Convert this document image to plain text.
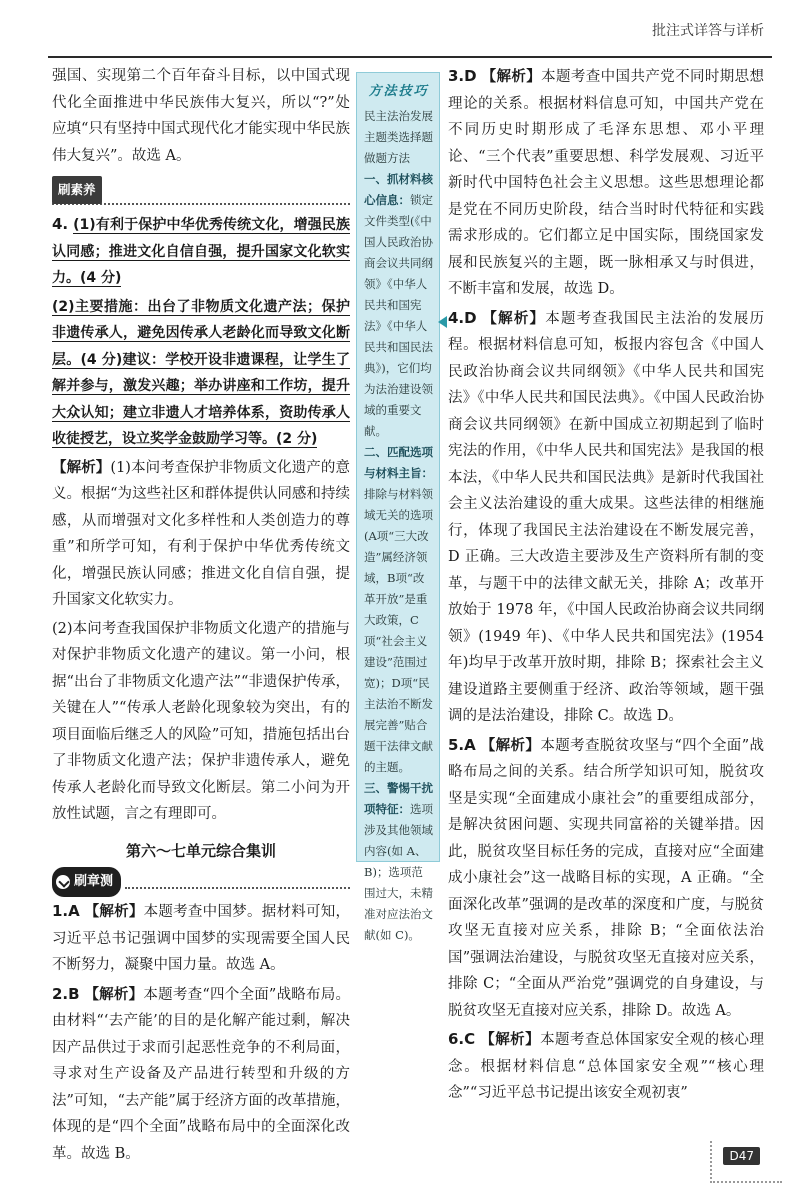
批注式详答与详析

强国、实现第二个百年奋斗目标，以中国式现代化全面推进中华民族伟大复兴，所以“?”处应填“只有坚持中国式现代化才能实现中华民族伟大复兴”。故选 A。

刷素养

4. (1)有利于保护中华优秀传统文化，增强民族认同感；推进文化自信自强，提升国家文化软实力。(4 分)

(2)主要措施：出台了非物质文化遗产法；保护非遗传承人，避免因传承人老龄化而导致文化断层。(4 分)建议：学校开设非遗课程，让学生了解并参与，激发兴趣；举办讲座和工作坊，提升大众认知；建立非遗人才培养体系，资助传承人收徒授艺，设立奖学金鼓励学习等。(2 分)

【解析】(1)本问考查保护非物质文化遗产的意义。根据“为这些社区和群体提供认同感和持续感，从而增强对文化多样性和人类创造力的尊重”和所学可知，有利于保护中华优秀传统文化，增强民族认同感；推进文化自信自强，提升国家文化软实力。

(2)本问考查我国保护非物质文化遗产的措施与对保护非物质文化遗产的建议。第一小问，根据“出台了非物质文化遗产法”“非遗保护传承，关键在人”“传承人老龄化现象较为突出，有的项目面临后继乏人的风险”可知，措施包括出台了非物质文化遗产法；保护非遗传承人，避免传承人老龄化而导致文化断层。第二小问为开放性试题，言之有理即可。

第六～七单元综合集训
刷章测

1.A 【解析】本题考查中国梦。据材料可知，习近平总书记强调中国梦的实现需要全国人民不断努力，凝聚中国力量。故选 A。

2.B 【解析】本题考查“四个全面”战略布局。由材料“‘去产能’的目的是化解产能过剩，解决因产品供过于求而引起恶性竞争的不利局面，寻求对生产设备及产品进行转型和升级的方法”可知，“去产能”属于经济方面的改革措施，体现的是“四个全面”战略布局中的全面深化改革。故选 B。

方法技巧

民主法治发展主题类选择题做题方法

一、抓材料核心信息：锁定文件类型(《中国人民政治协商会议共同纲领》《中华人民共和国宪法》《中华人民共和国民法典》)，它们均为法治建设领域的重要文献。

二、匹配选项与材料主旨：排除与材料领域无关的选项(A项“三大改造”属经济领域，B项“改革开放”是重大政策，C项“社会主义建设”范围过宽)；D项“民主法治不断发展完善”贴合题干法律文献的主题。

三、警惕干扰项特征：选项涉及其他领域内容(如 A、B)；选项范围过大，未精准对应法治文献(如 C)。

3.D 【解析】本题考查中国共产党不同时期思想理论的关系。根据材料信息可知，中国共产党在不同历史时期形成了毛泽东思想、邓小平理论、“三个代表”重要思想、科学发展观、习近平新时代中国特色社会主义思想。这些思想理论都是党在不同历史阶段，结合当时时代特征和实践需求形成的。它们都立足中国实际，围绕国家发展和民族复兴的主题，既一脉相承又与时俱进，不断丰富和发展，故选 D。

4.D 【解析】本题考查我国民主法治的发展历程。根据材料信息可知，板报内容包含《中国人民政治协商会议共同纲领》《中华人民共和国宪法》《中华人民共和国民法典》。《中国人民政治协商会议共同纲领》在新中国成立初期起到了临时宪法的作用，《中华人民共和国宪法》是我国的根本法，《中华人民共和国民法典》是新时代我国社会主义法治建设的重大成果。这些法律的相继施行，体现了我国民主法治建设在不断发展完善，D 正确。三大改造主要涉及生产资料所有制的变革，与题干中的法律文献无关，排除 A；改革开放始于 1978 年，《中国人民政治协商会议共同纲领》(1949 年)、《中华人民共和国宪法》(1954 年)均早于改革开放时期，排除 B；探索社会主义建设道路主要侧重于经济、政治等领域，题干强调的是法治建设，排除 C。故选 D。

5.A 【解析】本题考查脱贫攻坚与“四个全面”战略布局之间的关系。结合所学知识可知，脱贫攻坚是实现“全面建成小康社会”的重要组成部分，是解决贫困问题、实现共同富裕的关键举措。因此，脱贫攻坚目标任务的完成，直接对应“全面建成小康社会”这一战略目标的实现，A 正确。“全面深化改革”强调的是改革的深度和广度，与脱贫攻坚无直接对应关系，排除 B；“全面依法治国”强调法治建设，与脱贫攻坚无直接对应关系，排除 C；“全面从严治党”强调党的自身建设，与脱贫攻坚无直接对应关系，排除 D。故选 A。

6.C 【解析】本题考查总体国家安全观的核心理念。根据材料信息“总体国家安全观”“核心理念”“习近平总书记提出该安全观初衷”

D47
